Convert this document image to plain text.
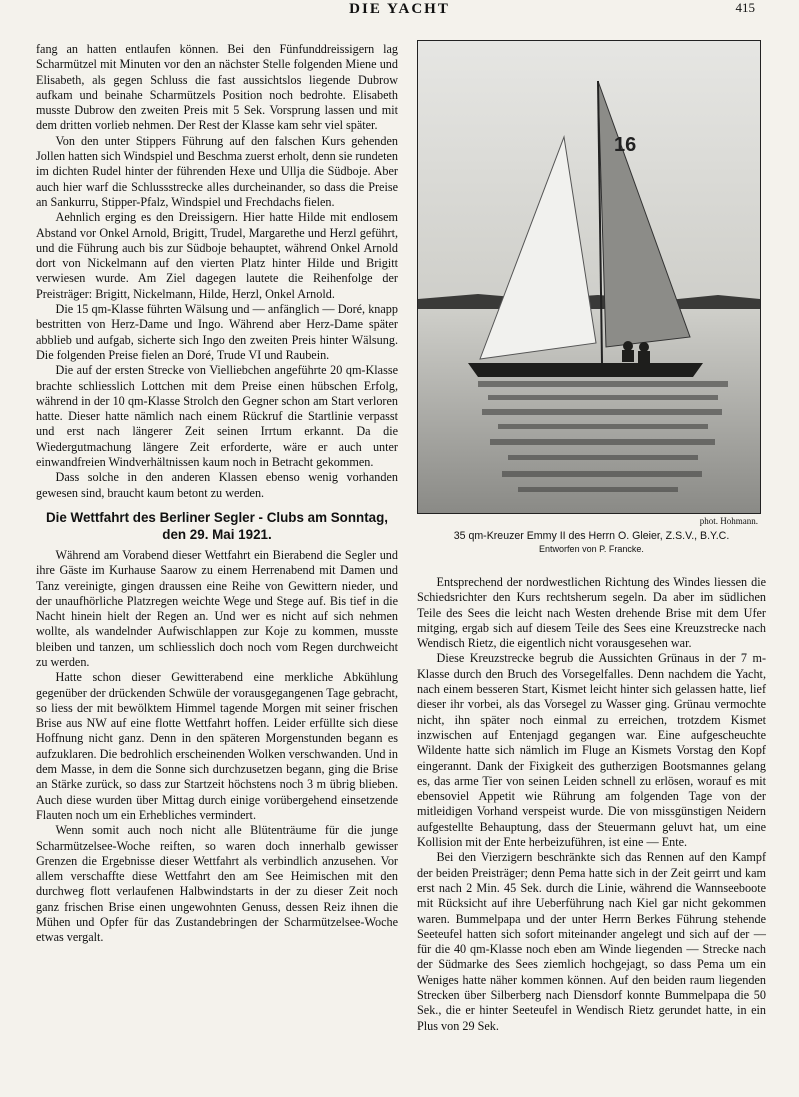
DIE YACHT	415

fang an hatten entlaufen können. Bei den Fünfunddreissigern lag Scharmützel mit Minuten vor den an nächster Stelle folgenden Miene und Elisabeth, als gegen Schluss die fast aussichtslos liegende Dubrow aufkam und beinahe Scharmützels Position noch bedrohte. Elisabeth musste Dubrow den zweiten Preis mit 5 Sek. Vorsprung lassen und mit dem dritten vorlieb nehmen. Der Rest der Klasse kam sehr viel später.

Von den unter Stippers Führung auf den falschen Kurs gehenden Jollen hatten sich Windspiel und Beschma zuerst erholt, denn sie rundeten im dichten Rudel hinter der führenden Hexe und Ullja die Südboje. Aber auch hier warf die Schlussstrecke alles durcheinander, so dass die Preise an Sankurru, Stipper-Pfalz, Windspiel und Frechdachs fielen.

Aehnlich erging es den Dreissigern. Hier hatte Hilde mit endlosem Abstand vor Onkel Arnold, Brigitt, Trudel, Margarethe und Herzl geführt, und die Führung auch bis zur Südboje behauptet, während Onkel Arnold dort von Nickelmann auf den vierten Platz hinter Hilde und Brigitt verwiesen wurde. Am Ziel dagegen lautete die Reihenfolge der Preisträger: Brigitt, Nickelmann, Hilde, Herzl, Onkel Arnold.

Die 15 qm-Klasse führten Wälsung und — anfänglich — Doré, knapp bestritten von Herz-Dame und Ingo. Während aber Herz-Dame später abblieb und aufgab, sicherte sich Ingo den zweiten Preis hinter Wälsung. Die folgenden Preise fielen an Doré, Trude VI und Raubein.

Die auf der ersten Strecke von Vielliebchen angeführte 20 qm-Klasse brachte schliesslich Lottchen mit dem Preise einen hübschen Erfolg, während in der 10 qm-Klasse Strolch den Gegner schon am Start verloren hatte. Dieser hatte nämlich nach einem Rückruf die Startlinie verpasst und erst nach längerer Zeit seinen Irrtum erkannt. Da die Wiedergutmachung längere Zeit erforderte, wäre er auch unter einwandfreien Windverhältnissen kaum noch in Betracht gekommen.

Dass solche in den anderen Klassen ebenso wenig vorhanden gewesen sind, braucht kaum betont zu werden.

Die Wettfahrt des Berliner Segler - Clubs am Sonntag, den 29. Mai 1921.

Während am Vorabend dieser Wettfahrt ein Bierabend die Segler und ihre Gäste im Kurhause Saarow zu einem Herrenabend mit Damen und Tanz vereinigte, gingen draussen eine Reihe von Gewittern nieder, und der unaufhörliche Platzregen weichte Wege und Stege auf. Bis tief in die Nacht hinein hielt der Regen an. Und wer es nicht auf sich nehmen wollte, als wandelnder Aufwischlappen zur Koje zu kommen, musste bleiben und tanzen, um schliesslich doch noch vom Regen durchweicht zu werden.

Hatte schon dieser Gewitterabend eine merkliche Abkühlung gegenüber der drückenden Schwüle der vorausgegangenen Tage gebracht, so liess der mit bewölktem Himmel tagende Morgen mit seiner frischen Brise aus NW auf eine flotte Wettfahrt hoffen. Leider erfüllte sich diese Hoffnung nicht ganz. Denn in den späteren Morgenstunden begann es aufzuklaren. Die bedrohlich erscheinenden Wolken verschwanden. Und in dem Masse, in dem die Sonne sich durchzusetzen begann, ging die Brise an Stärke zurück, so dass zur Startzeit höchstens noch 3 m übrig blieben. Auch diese wurden über Mittag durch einige vorübergehend einsetzende Flauten noch um ein Erhebliches vermindert.

Wenn somit auch noch nicht alle Blütenträume für die junge Scharmützelsee-Woche reiften, so waren doch innerhalb gewisser Grenzen die Ergebnisse dieser Wettfahrt als verbindlich anzusehen. Vor allem verschaffte diese Wettfahrt den am See Heimischen mit den durchweg flott verlaufenen Halbwindstarts in der zu dieser Zeit noch ganz frischen Brise einen ungewohnten Genuss, dessen Reiz ihnen die Mühen und Opfer für das Zustandebringen der Scharmützelsee-Woche etwas vergalt.

16
phot. Hohmann.
35 qm-Kreuzer Emmy II des Herrn O. Gleier, Z.S.V., B.Y.C.
Entworfen von P. Francke.

Entsprechend der nordwestlichen Richtung des Windes liessen die Schiedsrichter den Kurs rechtsherum segeln. Da aber im südlichen Teile des Sees die leicht nach Westen drehende Brise mit dem Ufer mitging, ergab sich auf diesem Teile des Sees eine Kreuzstrecke nach Wendisch Rietz, die eigentlich nicht vorausgesehen war.

Diese Kreuzstrecke begrub die Aussichten Grünaus in der 7 m-Klasse durch den Bruch des Vorsegelfalles. Denn nachdem die Yacht, nach einem besseren Start, Kismet leicht hinter sich gelassen hatte, lief dieser ihr vorbei, als das Vorsegel zu Wasser ging. Grünau vermochte nicht, ihn später noch einmal zu erreichen, trotzdem Kismet inzwischen auf Entenjagd gegangen war. Eine aufgescheuchte Wildente hatte sich nämlich im Fluge an Kismets Vorstag den Kopf eingerannt. Dank der Fixigkeit des gutherzigen Bootsmannes gelang es, das arme Tier von seinen Leiden schnell zu erlösen, worauf es mit ebensoviel Appetit wie Rührung am folgenden Tage von der mitleidigen Vorhand verspeist wurde. Die von missgünstigen Neidern aufgestellte Behauptung, dass der Steuermann geluvt hat, um eine Kollision mit der Ente herbeizuführen, ist eine — Ente.

Bei den Vierzigern beschränkte sich das Rennen auf den Kampf der beiden Preisträger; denn Pema hatte sich in der Zeit geirrt und kam erst nach 2 Min. 45 Sek. durch die Linie, während die Wannseeboote mit Rücksicht auf ihre Ueberführung nach Kiel gar nicht gekommen waren. Bummelpapa und der unter Herrn Berkes Führung stehende Seeteufel hatten sich sofort miteinander angelegt und sich auf der — für die 40 qm-Klasse noch eben am Winde liegenden — Strecke nach der Südmarke des Sees ziemlich hochgejagt, so dass Pema um ein Weniges hatte näher kommen können. Auf den beiden raum liegenden Strecken über Silberberg nach Diensdorf konnte Bummelpapa die 50 Sek., die er hinter Seeteufel in Wendisch Rietz gerundet hatte, in ein Plus von 29 Sek.
